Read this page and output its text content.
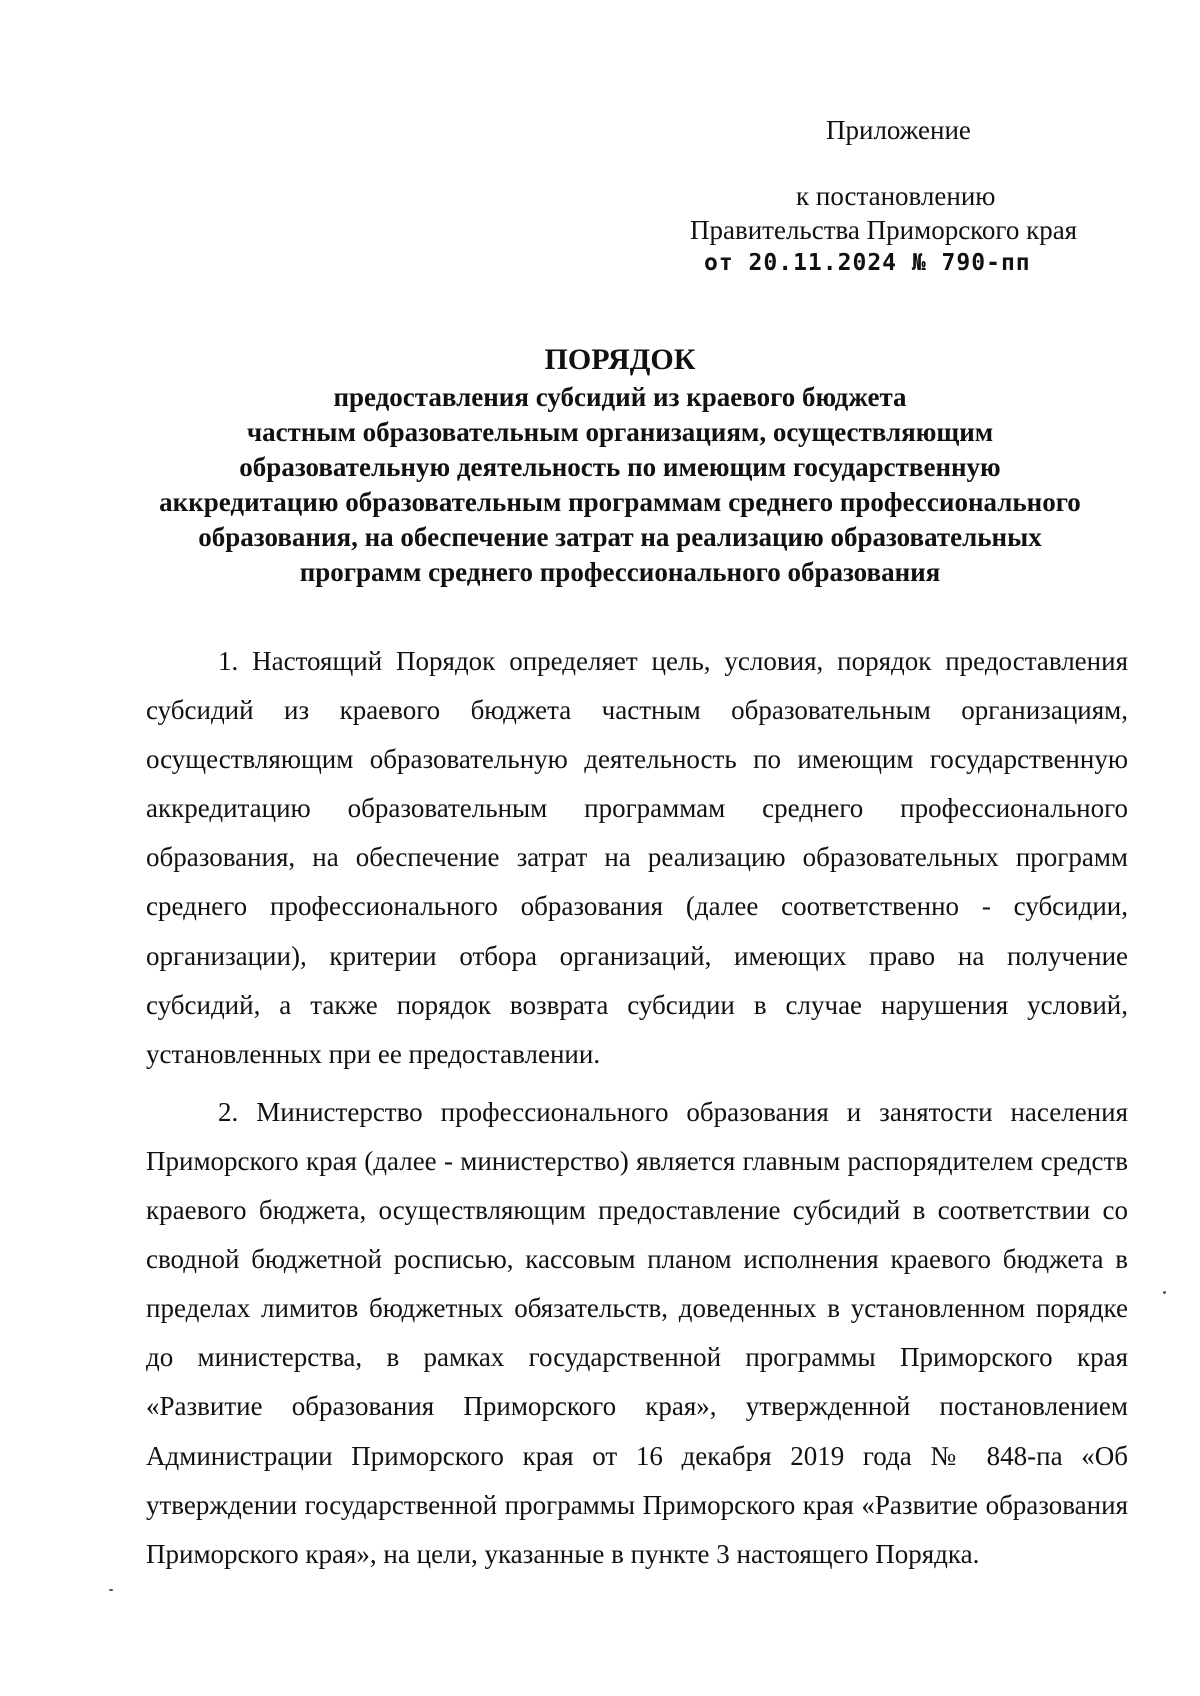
Приложение
к постановлению
Правительства Приморского края
от 20.11.2024 № 790-пп
ПОРЯДОК
предоставления субсидий из краевого бюджета
частным образовательным организациям, осуществляющим
образовательную деятельность по имеющим государственную
аккредитацию образовательным программам среднего профессионального
образования, на обеспечение затрат на реализацию образовательных
программ среднего профессионального образования

1. Настоящий Порядок определяет цель, условия, порядок предоставления субсидий из краевого бюджета частным образовательным организациям, осуществляющим образовательную деятельность по имеющим государственную аккредитацию образовательным программам среднего профессионального образования, на обеспечение затрат на реализацию образовательных программ среднего профессионального образования (далее соответственно - субсидии, организации), критерии отбора организаций, имеющих право на получение субсидий, а также порядок возврата субсидии в случае нарушения условий, установленных при ее предоставлении.

2. Министерство профессионального образования и занятости населения Приморского края (далее - министерство) является главным распорядителем средств краевого бюджета, осуществляющим предоставление субсидий в соответствии со сводной бюджетной росписью, кассовым планом исполнения краевого бюджета в пределах лимитов бюджетных обязательств, доведенных в установленном порядке до министерства, в рамках государственной программы Приморского края «Развитие образования Приморского края», утвержденной постановлением Администрации Приморского края от 16 декабря 2019 года № 848-па «Об утверждении государственной программы Приморского края «Развитие образования Приморского края», на цели, указанные в пункте 3 настоящего Порядка.
